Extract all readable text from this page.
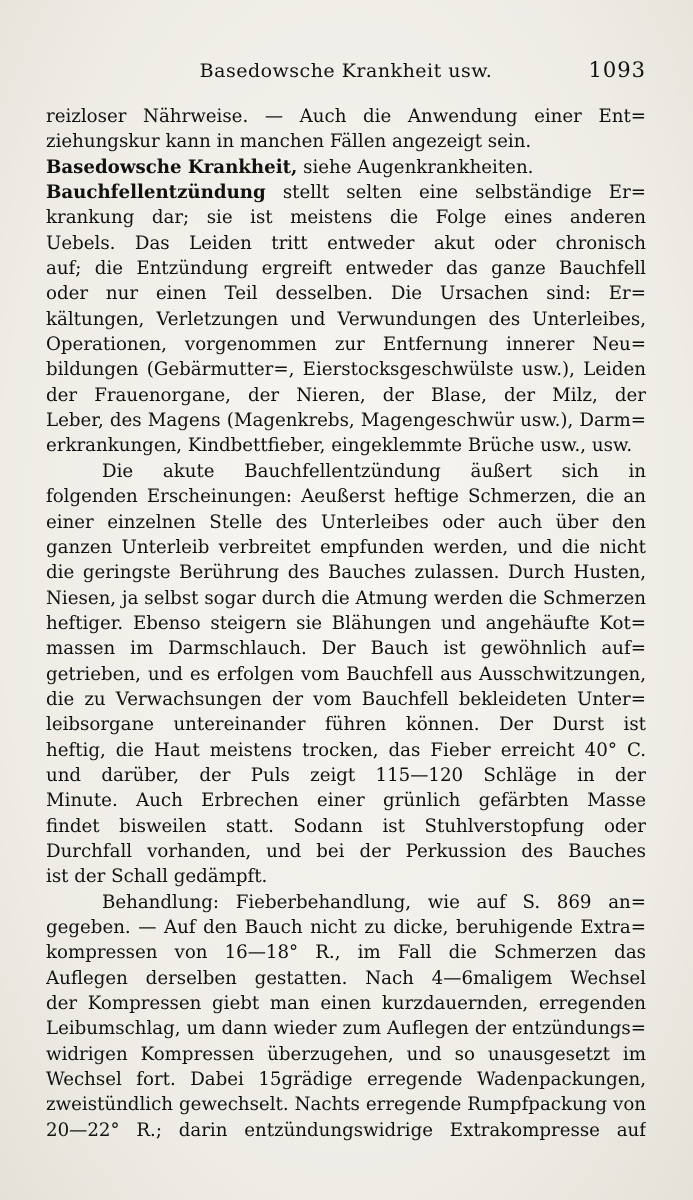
Basedowsche Krankheit usw.	1093
reizloser Nährweise. — Auch die Anwendung einer Ent=
ziehungskur kann in manchen Fällen angezeigt sein.
Basedowsche Krankheit, siehe Augenkrankheiten.
Bauchfellentzündung stellt selten eine selbständige Er=
krankung dar; sie ist meistens die Folge eines anderen
Uebels. Das Leiden tritt entweder akut oder chronisch
auf; die Entzündung ergreift entweder das ganze Bauchfell
oder nur einen Teil desselben. Die Ursachen sind: Er=
kältungen, Verletzungen und Verwundungen des Unterleibes,
Operationen, vorgenommen zur Entfernung innerer Neu=
bildungen (Gebärmutter=, Eierstocksgeschwülste usw.), Leiden
der Frauenorgane, der Nieren, der Blase, der Milz, der
Leber, des Magens (Magenkrebs, Magengeschwür usw.), Darm=
erkrankungen, Kindbettfieber, eingeklemmte Brüche usw., usw.
Die akute Bauchfellentzündung äußert sich in
folgenden Erscheinungen: Aeußerst heftige Schmerzen, die an
einer einzelnen Stelle des Unterleibes oder auch über den
ganzen Unterleib verbreitet empfunden werden, und die nicht
die geringste Berührung des Bauches zulassen. Durch Husten,
Niesen, ja selbst sogar durch die Atmung werden die Schmerzen
heftiger. Ebenso steigern sie Blähungen und angehäufte Kot=
massen im Darmschlauch. Der Bauch ist gewöhnlich auf=
getrieben, und es erfolgen vom Bauchfell aus Ausschwitzungen,
die zu Verwachsungen der vom Bauchfell bekleideten Unter=
leibsorgane untereinander führen können. Der Durst ist
heftig, die Haut meistens trocken, das Fieber erreicht 40° C.
und darüber, der Puls zeigt 115—120 Schläge in der
Minute. Auch Erbrechen einer grünlich gefärbten Masse
findet bisweilen statt. Sodann ist Stuhlverstopfung oder
Durchfall vorhanden, und bei der Perkussion des Bauches
ist der Schall gedämpft.
Behandlung: Fieberbehandlung, wie auf S. 869 an=
gegeben. — Auf den Bauch nicht zu dicke, beruhigende Extra=
kompressen von 16—18° R., im Fall die Schmerzen das
Auflegen derselben gestatten. Nach 4—6maligem Wechsel
der Kompressen giebt man einen kurzdauernden, erregenden
Leibumschlag, um dann wieder zum Auflegen der entzündungs=
widrigen Kompressen überzugehen, und so unausgesetzt im
Wechsel fort. Dabei 15grädige erregende Wadenpackungen,
zweistündlich gewechselt. Nachts erregende Rumpfpackung von
20—22° R.; darin entzündungswidrige Extrakompresse auf
